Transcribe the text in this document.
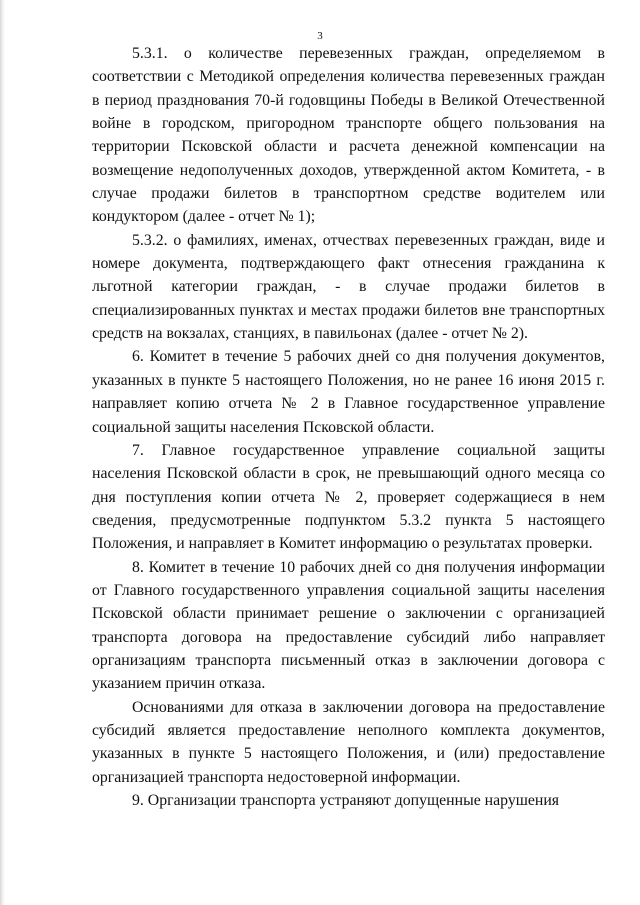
3

5.3.1. о количестве перевезенных граждан, определяемом в соответствии с Методикой определения количества перевезенных граждан в период празднования 70-й годовщины Победы в Великой Отечественной войне в городском, пригородном транспорте общего пользования на территории Псковской области и расчета денежной компенсации на возмещение недополученных доходов, утвержденной актом Комитета, - в случае продажи билетов в транспортном средстве водителем или кондуктором (далее - отчет № 1);

5.3.2. о фамилиях, именах, отчествах перевезенных граждан, виде и номере документа, подтверждающего факт отнесения гражданина к льготной категории граждан, - в случае продажи билетов в специализированных пунктах и местах продажи билетов вне транспортных средств на вокзалах, станциях, в павильонах (далее - отчет № 2).

6. Комитет в течение 5 рабочих дней со дня получения документов, указанных в пункте 5 настоящего Положения, но не ранее 16 июня 2015 г. направляет копию отчета № 2 в Главное государственное управление социальной защиты населения Псковской области.

7. Главное государственное управление социальной защиты населения Псковской области в срок, не превышающий одного месяца со дня поступления копии отчета № 2, проверяет содержащиеся в нем сведения, предусмотренные подпунктом 5.3.2 пункта 5 настоящего Положения, и направляет в Комитет информацию о результатах проверки.

8. Комитет в течение 10 рабочих дней со дня получения информации от Главного государственного управления социальной защиты населения Псковской области принимает решение о заключении с организацией транспорта договора на предоставление субсидий либо направляет организациям транспорта письменный отказ в заключении договора с указанием причин отказа.

Основаниями для отказа в заключении договора на предоставление субсидий является предоставление неполного комплекта документов, указанных в пункте 5 настоящего Положения, и (или) предоставление организацией транспорта недостоверной информации.

9. Организации транспорта устраняют допущенные нарушения
